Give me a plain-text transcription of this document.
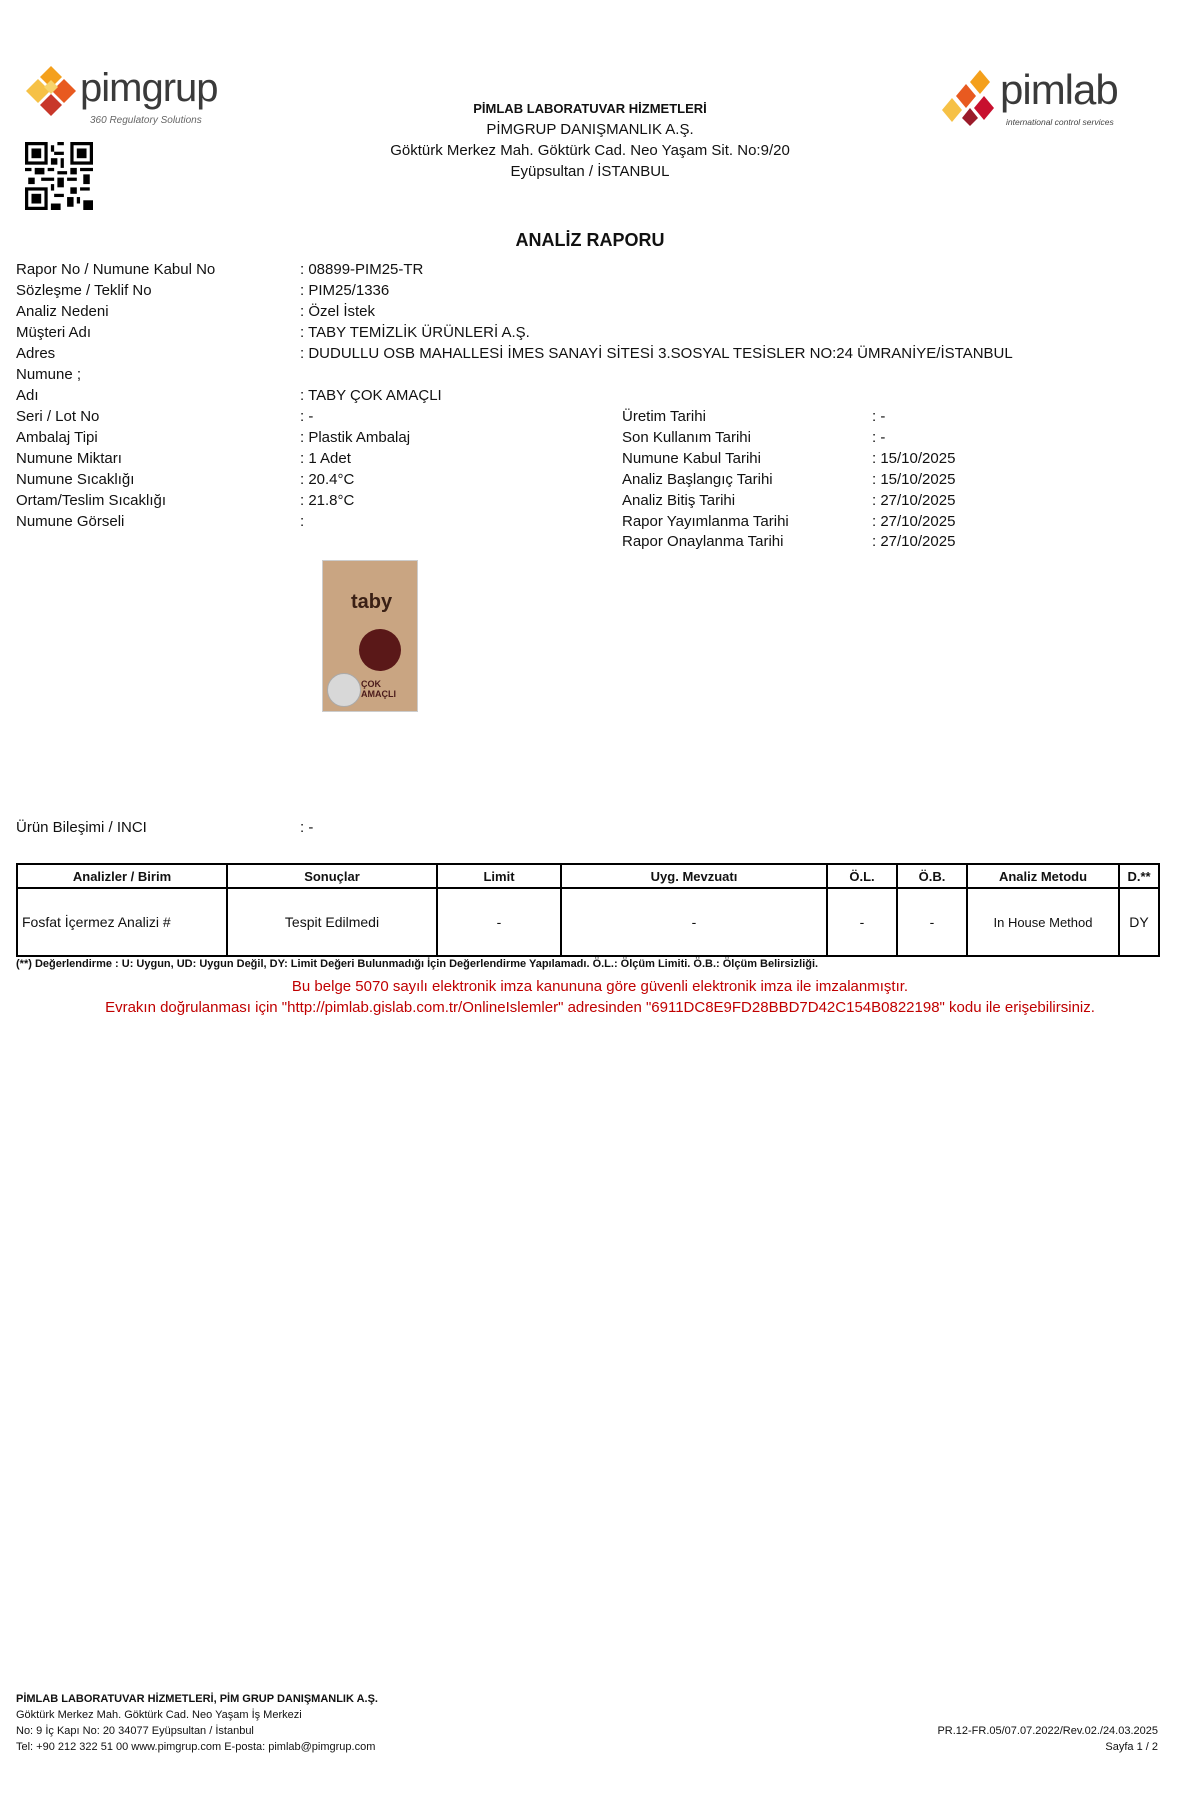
pimgrup
360 Regulatory Solutions
pimlab
international control services
PİMLAB LABORATUVAR HİZMETLERİ
PİMGRUP DANIŞMANLIK A.Ş.
Göktürk Merkez Mah. Göktürk Cad. Neo Yaşam Sit. No:9/20
Eyüpsultan / İSTANBUL
ANALİZ RAPORU
Rapor No / Numune Kabul No	: 08899-PIM25-TR
Sözleşme / Teklif No	: PIM25/1336
Analiz Nedeni	: Özel İstek
Müşteri Adı	: TABY TEMİZLİK ÜRÜNLERİ A.Ş.
Adres	: DUDULLU OSB MAHALLESİ İMES SANAYİ SİTESİ 3.SOSYAL TESİSLER NO:24 ÜMRANİYE/İSTANBUL
Numune ;
Adı	: TABY ÇOK AMAÇLI
Seri / Lot No	: -
Ambalaj Tipi	: Plastik Ambalaj
Numune Miktarı	: 1 Adet
Numune Sıcaklığı	: 20.4°C
Ortam/Teslim Sıcaklığı	: 21.8°C
Numune Görseli	:
Üretim Tarihi	: -
Son Kullanım Tarihi	: -
Numune Kabul Tarihi	: 15/10/2025
Analiz Başlangıç Tarihi	: 15/10/2025
Analiz Bitiş Tarihi	: 27/10/2025
Rapor Yayımlanma Tarihi	: 27/10/2025
Rapor Onaylanma Tarihi	: 27/10/2025
taby
ÇOK AMAÇLI
Ürün Bileşimi / INCI	: -
Analizler / Birim	Sonuçlar	Limit	Uyg. Mevzuatı	Ö.L.	Ö.B.	Analiz Metodu	D.**
Fosfat İçermez Analizi #	Tespit Edilmedi	-	-	-	-	In House Method	DY
(**) Değerlendirme : U: Uygun, UD: Uygun Değil, DY: Limit Değeri Bulunmadığı İçin Değerlendirme Yapılamadı. Ö.L.: Ölçüm Limiti. Ö.B.: Ölçüm Belirsizliği.
Bu belge 5070 sayılı elektronik imza kanununa göre güvenli elektronik imza ile imzalanmıştır.
Evrakın doğrulanması için "http://pimlab.gislab.com.tr/OnlineIslemler" adresinden "6911DC8E9FD28BBD7D42C154B0822198" kodu ile erişebilirsiniz.
PİMLAB LABORATUVAR HİZMETLERİ, PİM GRUP DANIŞMANLIK A.Ş.
Göktürk Merkez Mah. Göktürk Cad. Neo Yaşam İş Merkezi
No: 9 İç Kapı No: 20 34077 Eyüpsultan / İstanbul
Tel: +90 212 322 51 00 www.pimgrup.com E-posta: pimlab@pimgrup.com
PR.12-FR.05/07.07.2022/Rev.02./24.03.2025
Sayfa 1 / 2
